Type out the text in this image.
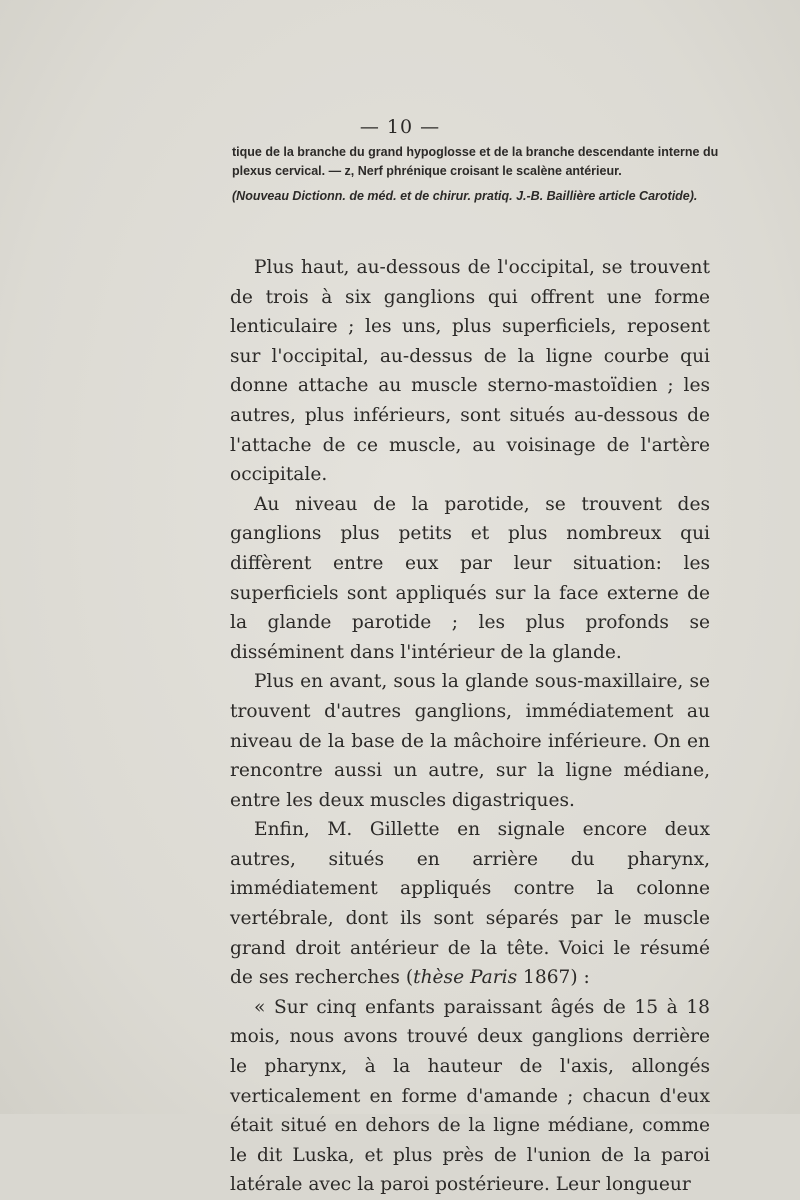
— 10 —

tique de la branche du grand hypoglosse et de la branche descendante interne du plexus cervical. — z, Nerf phrénique croisant le scalène antérieur.

(Nouveau Dictionn. de méd. et de chirur. pratiq. J.-B. Baillière article Carotide).

Plus haut, au-dessous de l'occipital, se trouvent de trois à six ganglions qui offrent une forme lenticulaire ; les uns, plus superficiels, reposent sur l'occipital, au-dessus de la ligne courbe qui donne attache au muscle sterno-mastoïdien ; les autres, plus inférieurs, sont situés au-dessous de l'attache de ce muscle, au voisinage de l'artère occipitale.

Au niveau de la parotide, se trouvent des ganglions plus petits et plus nombreux qui diffèrent entre eux par leur situation: les superficiels sont appliqués sur la face externe de la glande parotide ; les plus profonds se disséminent dans l'intérieur de la glande.

Plus en avant, sous la glande sous-maxillaire, se trouvent d'autres ganglions, immédiatement au niveau de la base de la mâchoire inférieure. On en rencontre aussi un autre, sur la ligne médiane, entre les deux muscles digastriques.

Enfin, M. Gillette en signale encore deux autres, situés en arrière du pharynx, immédiatement appliqués contre la colonne vertébrale, dont ils sont séparés par le muscle grand droit antérieur de la tête. Voici le résumé de ses recherches (thèse Paris 1867) :

« Sur cinq enfants paraissant âgés de 15 à 18 mois, nous avons trouvé deux ganglions derrière le pharynx, à la hauteur de l'axis, allongés verticalement en forme d'amande ; chacun d'eux était situé en dehors de la ligne médiane, comme le dit Luska, et plus près de l'union de la paroi latérale avec la paroi postérieure. Leur longueur
